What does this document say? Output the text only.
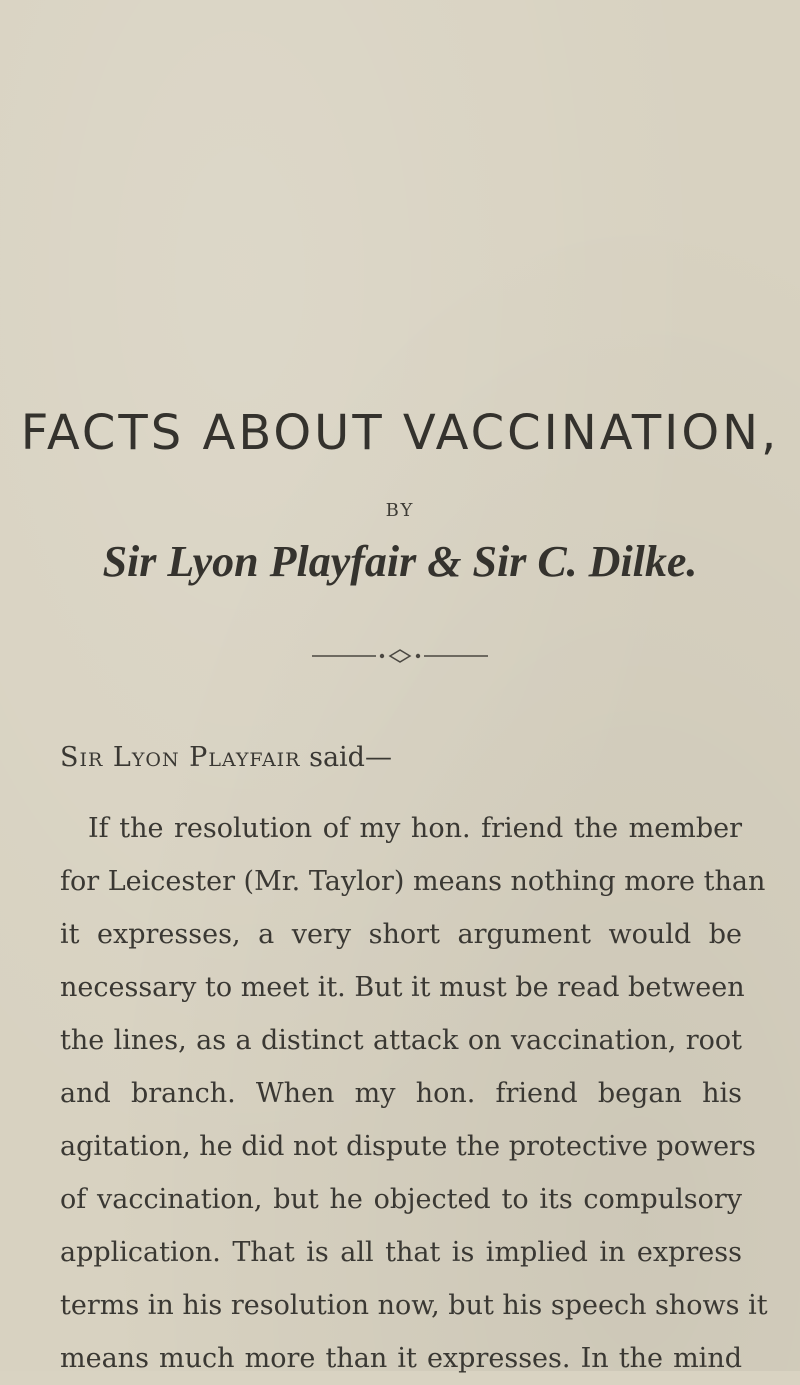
FACTS ABOUT VACCINATION,
BY
Sir Lyon Playfair & Sir C. Dilke.
Sir Lyon Playfair said—
If the resolution of my hon. friend the member
for Leicester (Mr. Taylor) means nothing more than
it expresses, a very short argument would be
necessary to meet it. But it must be read between
the lines, as a distinct attack on vaccination, root
and branch. When my hon. friend began his
agitation, he did not dispute the protective powers
of vaccination, but he objected to its compulsory
application. That is all that is implied in express
terms in his resolution now, but his speech shows it
means much more than it expresses. In the mind
